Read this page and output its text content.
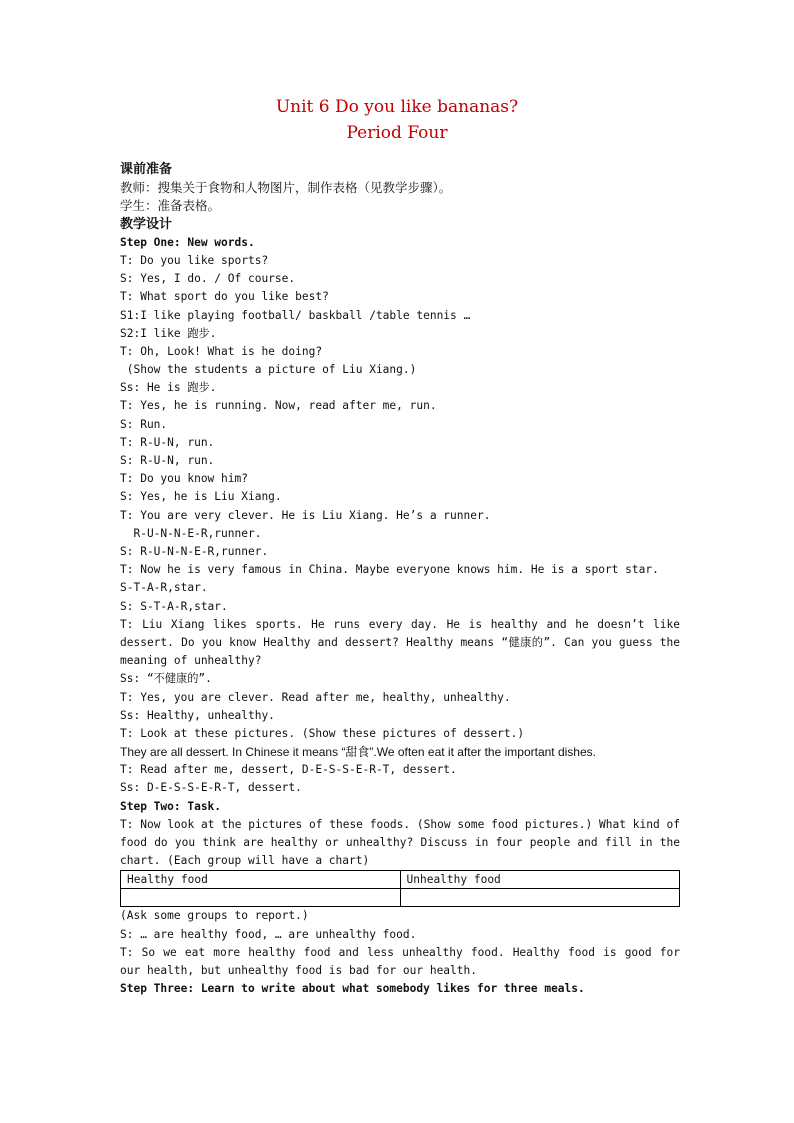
Unit 6 Do you like bananas?
Period Four
课前准备
教师：搜集关于食物和人物图片，制作表格（见教学步骤）。
学生：准备表格。
教学设计
Step One: New words.
T: Do you like sports?
S: Yes, I do. / Of course.
T: What sport do you like best?
S1:I like playing football/ baskball /table tennis …
S2:I like 跑步.
T: Oh, Look! What is he doing?
(Show the students a picture of Liu Xiang.)
Ss: He is 跑步.
T: Yes, he is running. Now, read after me, run.
S: Run.
T: R-U-N, run.
S: R-U-N, run.
T: Do you know him?
S: Yes, he is Liu Xiang.
T: You are very clever. He is Liu Xiang. He’s a runner.
R-U-N-N-E-R,runner.
S: R-U-N-N-E-R,runner.
T: Now he is very famous in China. Maybe everyone knows him. He is a sport star.
S-T-A-R,star.
S: S-T-A-R,star.
T: Liu Xiang likes sports. He runs every day. He is healthy and he doesn’t like dessert. Do you know Healthy and dessert? Healthy means “健康的”. Can you guess the meaning of unhealthy?
Ss: “不健康的”.
T: Yes, you are clever. Read after me, healthy, unhealthy.
Ss: Healthy, unhealthy.
T: Look at these pictures. (Show these pictures of dessert.)
They are all dessert. In Chinese it means “甜食”.We often eat it after the important dishes.
T: Read after me, dessert, D-E-S-S-E-R-T, dessert.
Ss: D-E-S-S-E-R-T, dessert.
Step Two: Task.
T: Now look at the pictures of these foods. (Show some food pictures.) What kind of food do you think are healthy or unhealthy? Discuss in four people and fill in the chart. (Each group will have a chart)
Healthy food	Unhealthy food

(Ask some groups to report.)
S: … are healthy food, … are unhealthy food.
T: So we eat more healthy food and less unhealthy food. Healthy food is good for our health, but unhealthy food is bad for our health.
Step Three: Learn to write about what somebody likes for three meals.
